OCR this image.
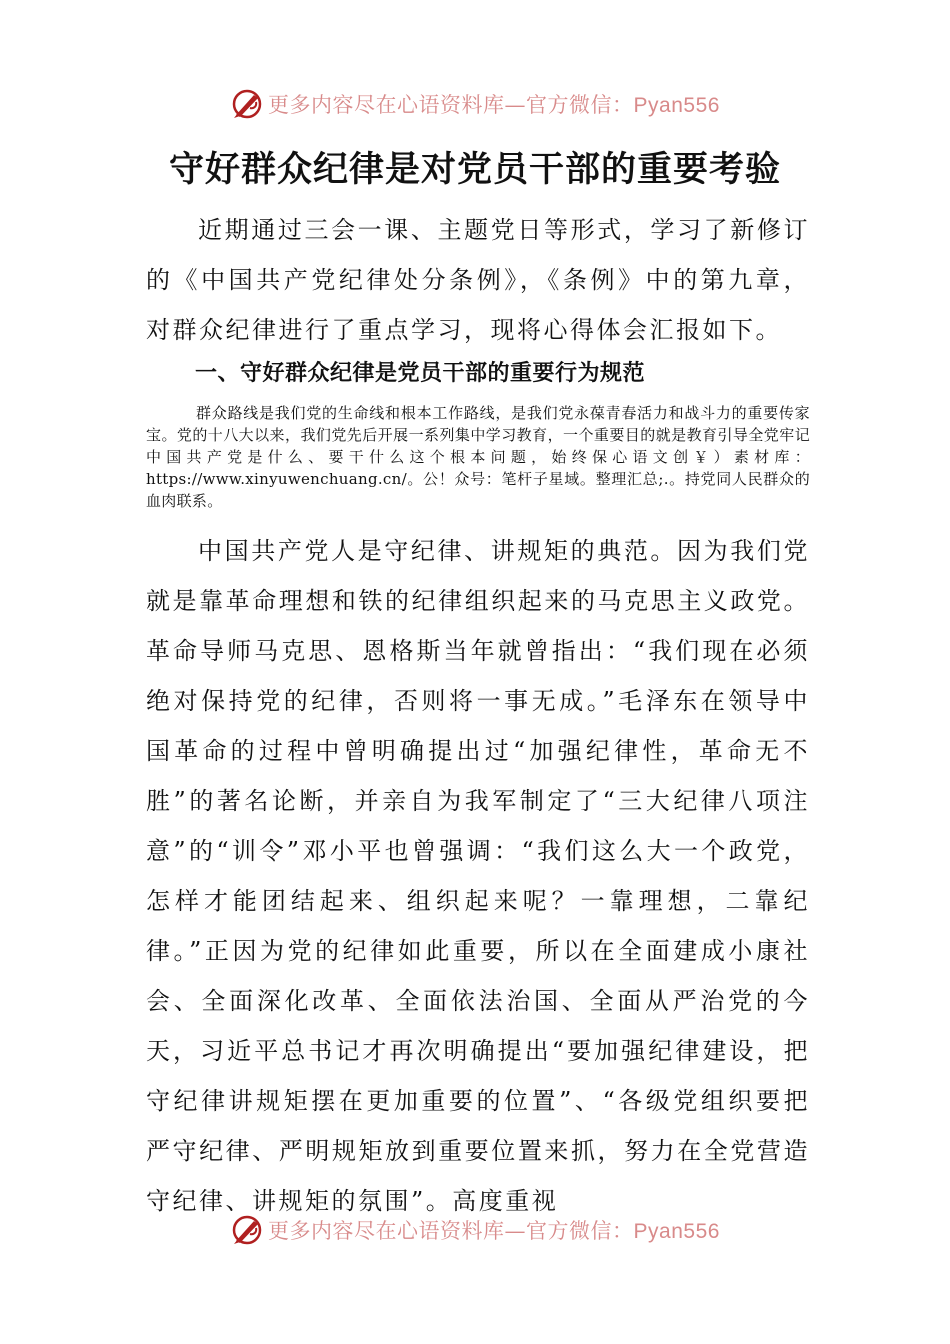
更多内容尽在心语资料库—官方微信：Pyan556
守好群众纪律是对党员干部的重要考验

近期通过三会一课、主题党日等形式，学习了新修订的《中国共产党纪律处分条例》，《条例》中的第九章，对群众纪律进行了重点学习，现将心得体会汇报如下。

一、守好群众纪律是党员干部的重要行为规范

群众路线是我们党的生命线和根本工作路线，是我们党永葆青春活力和战斗力的重要传家宝。党的十八大以来，我们党先后开展一系列集中学习教育，一个重要目的就是教育引导全党牢记中国共产党是什么、要干什么这个根本问题，始终保心语文创￥）素材库：https://www.xinyuwenchuang.cn/。公！众号：笔杆子星域。整理汇总;.。持党同人民群众的血肉联系。

中国共产党人是守纪律、讲规矩的典范。因为我们党就是靠革命理想和铁的纪律组织起来的马克思主义政党。革命导师马克思、恩格斯当年就曾指出：“我们现在必须绝对保持党的纪律，否则将一事无成。”毛泽东在领导中国革命的过程中曾明确提出过“加强纪律性，革命无不胜”的著名论断，并亲自为我军制定了“三大纪律八项注意”的“训令”邓小平也曾强调：“我们这么大一个政党，怎样才能团结起来、组织起来呢？一靠理想，二靠纪律。”正因为党的纪律如此重要，所以在全面建成小康社会、全面深化改革、全面依法治国、全面从严治党的今天，习近平总书记才再次明确提出“要加强纪律建设，把守纪律讲规矩摆在更加重要的位置”、“各级党组织要把严守纪律、严明规矩放到重要位置来抓，努力在全党营造守纪律、讲规矩的氛围”。高度重视

更多内容尽在心语资料库—官方微信：Pyan556
